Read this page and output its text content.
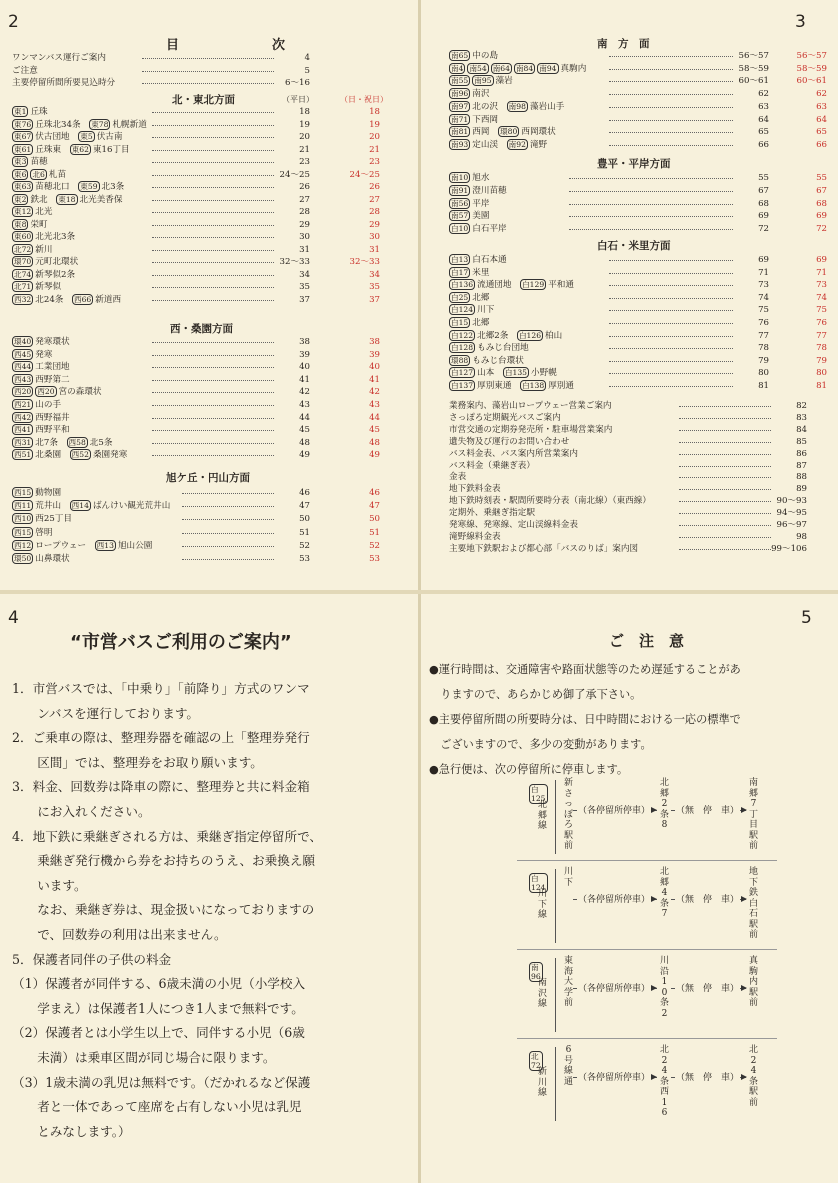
2
目　次
ワンマンバス運行ご案内	4
ご注意	5
主要停留所間所要見込時分	6～16
北・東北方面	（平日）	（日・祝日）
東1 丘珠	18	18
東76 丘珠北34条　 東78 札幌新道	19	19
東67 伏古団地　 東5 伏古南	20	20
東61 丘珠東　 東62 東16丁目	21	21
東3 苗穂	23	23
東6 北6 札苗	24～25	24～25
東63 苗穂北口　 東59 北3条	26	26
東2 鉄北　 東18 北光美香保	27	27
東12 北光	28	28
東8 栄町	29	29
東60 北光北3条	30	30
北72 新川	31	31
環70 元町北環状	32～33	32～33
北74 新琴似2条	34	34
北71 新琴似	35	35
西32 北24条　 西66 新道西	37	37
西・桑園方面
環40 発寒環状	38	38
西45 発寒	39	39
西44 工業団地	40	40
西43 西野第二	41	41
西20 西20 宮の森環状	42	42
西21 山の手	43	43
西42 西野福井	44	44
西41 西野平和	45	45
西31 北7条　 西58 北5条	48	48
西51 北桑園　 西52 桑園発寒	49	49
旭ケ丘・円山方面
西15 動物園	46	46
西11 荒井山　 西14 ばんけい観光荒井山	47	47
西10 西25丁目	50	50
西15 啓明	51	51
西12 ロープウェー　 西13 旭山公園	52	52
環50 山鼻環状	53	53
3
南　方　面
南65 中の島	56～57	56～57
南4 南54 南64 南84 南94 真駒内	58～59	58～59
南55 南95 藻岩	60～61	60～61
南96 南沢	62	62
南97 北の沢　 南98 藻岩山手	63	63
南71 下西岡	64	64
南81 西岡　 環80 西岡環状	65	65
南93 定山渓　 南92 滝野	66	66
豊平・平岸方面
南10 旭水	55	55
南91 澄川苗穂	67	67
南56 平岸	68	68
南57 美園	69	69
白10 白石平岸	72	72
白石・米里方面
白13 白石本通	69	69
白17 米里	71	71
白136 流通団地　 白129 平和通	73	73
白25 北郷	74	74
白124 川下	75	75
白15 北郷	76	76
白122 北郷2条　 白126 柏山	77	77
白128 もみじ台団地	78	78
環88 もみじ台環状	79	79
白127 山本　 白135 小野幌	80	80
白137 厚別東通　 白138 厚別通	81	81
業務案内、藻岩山ロープウェー営業ご案内	82
さっぽろ定期観光バスご案内	83
市営交通の定期券発売所・駐車場営業案内	84
遺失物及び運行のお問い合わせ	85
バス料金表、バス案内所営業案内	86
バス料金（乗継ぎ表）	87
金表	88
地下鉄料金表	89
地下鉄時刻表・駅間所要時分表（南北線）（東西線）	90～93
定期外、乗継ぎ指定駅	94～95
発寒線、発寒線、定山渓線料金表	96～97
滝野線料金表	98
主要地下鉄駅および都心部「バスのりば」案内図	99～106
4
“市営バスご利用のご案内”
1．市営バスでは、「中乗り」「前降り」方式のワンマ
　　ンバスを運行しております。
2．ご乗車の際は、整理券器を確認の上「整理券発行
　　区間」では、整理券をお取り願います。
3．料金、回数券は降車の際に、整理券と共に料金箱
　　にお入れください。
4．地下鉄に乗継ぎされる方は、乗継ぎ指定停留所で、
　　乗継ぎ発行機から券をお持ちのうえ、お乗換え願
　　います。
　　なお、乗継ぎ券は、現金扱いになっておりますの
　　で、回数券の利用は出来ません。
5．保護者同伴の子供の料金
（1）保護者が同伴する、6歳未満の小児（小学校入
　　学まえ）は保護者1人につき1人まで無料です。
（2）保護者とは小学生以上で、同伴する小児（6歳
　　未満）は乗車区間が同じ場合に限ります。
（3）1歳未満の乳児は無料です。（だかれるなど保護
　　者と一体であって座席を占有しない小児は乳児
　　とみなします。）
5
ご　注　意
●運行時間は、交通障害や路面状態等のため遅延することがあ
　りますので、あらかじめ御了承下さい。
●主要停留所間の所要時分は、日中時間における一応の標準で
　ございますので、多少の変動があります。
●急行便は、次の停留所に停車します。
白125
北郷線
新さっぽろ駅前
北郷2条8
南郷7丁目駅前
（各停留所停車）	（無　停　車）
白124
川下線
川下
北郷4条7
地下鉄白石駅前
（各停留所停車）	（無　停　車）
南96
南沢線
東海大学前
川沿10条2
真駒内駅前
（各停留所停車）	（無　停　車）
北72
新川線
6号線通
北24条西16
北24条駅前
（各停留所停車）	（無　停　車）
